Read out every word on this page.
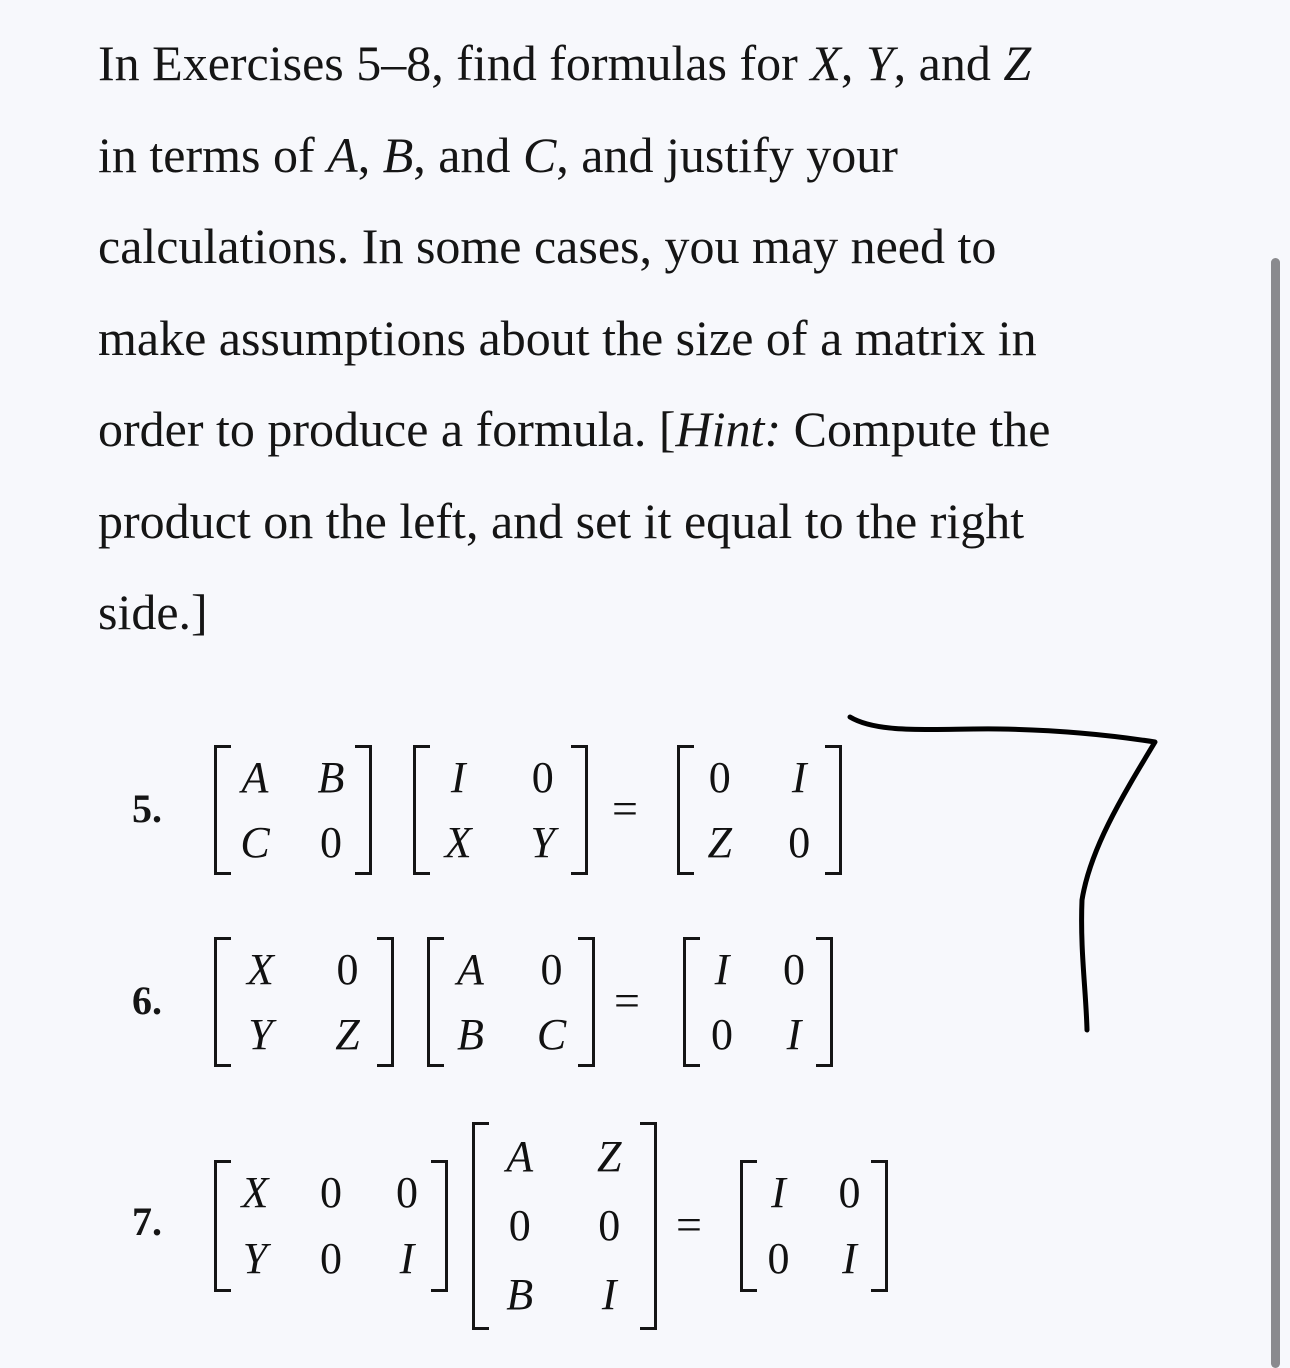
In Exercises 5–8, find formulas for X, Y, and Z
in terms of A, B, and C, and justify your
calculations. In some cases, you may need to
make assumptions about the size of a matrix in
order to produce a formula. [Hint: Compute the
product on the left, and set it equal to the right
side.]
5.
A	B
C	0
I	0
X	Y
=
0	I
Z	0
6.
X	0
Y	Z
A	0
B	C
=
I	0
0	I
7.
X	0	0
Y	0	I
A	Z
0	0
B	I
=
I	0
0	I
